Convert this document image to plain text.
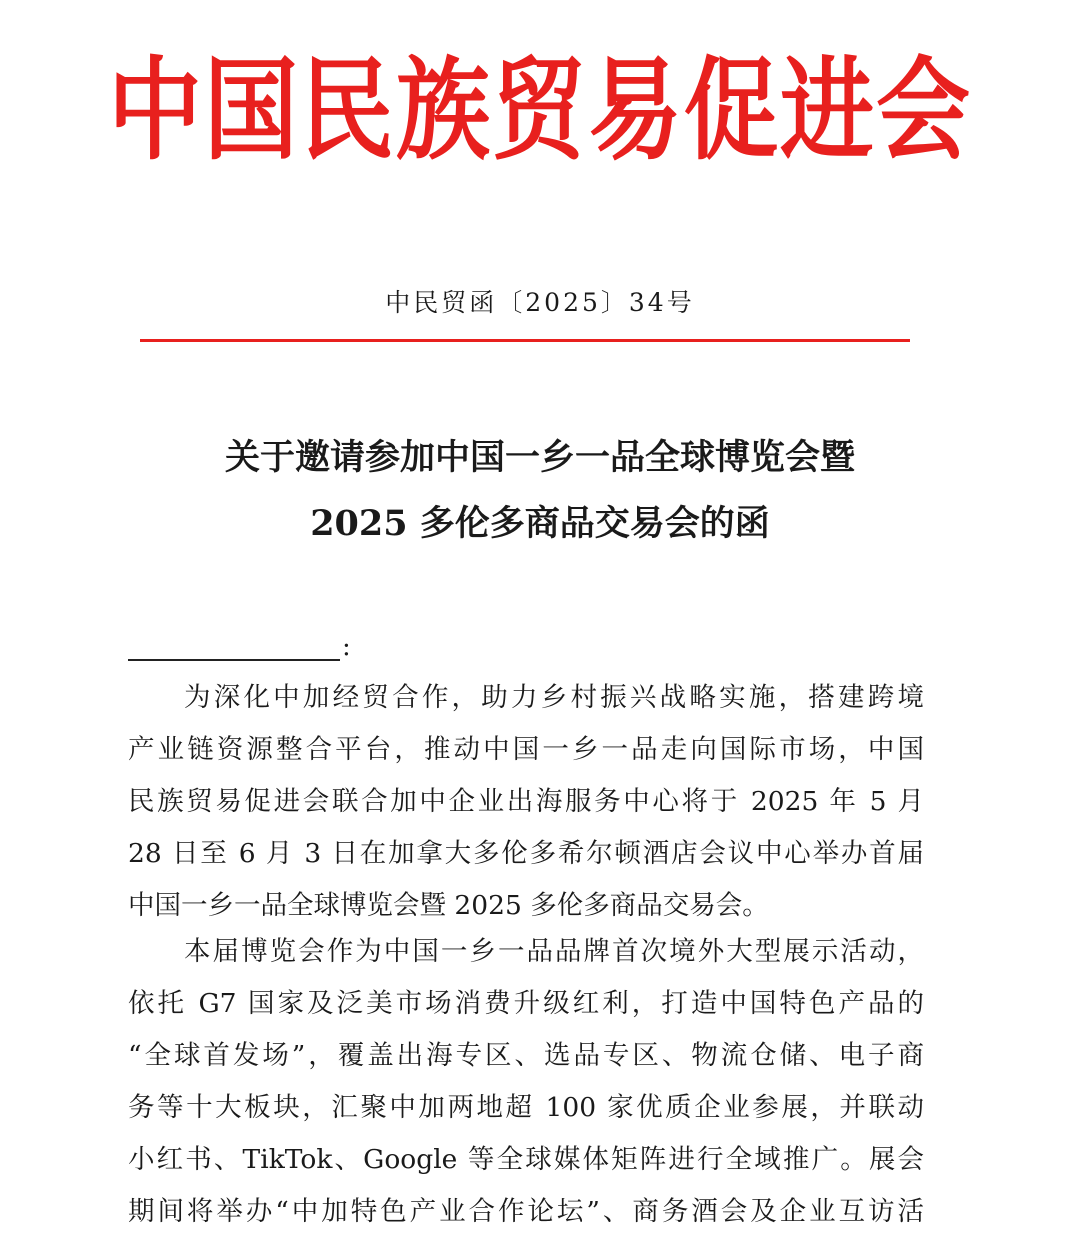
中国民族贸易促进会
中民贸函〔2025〕34号
关于邀请参加中国一乡一品全球博览会暨
2025 多伦多商品交易会的函
:
为深化中加经贸合作，助力乡村振兴战略实施，搭建跨境
产业链资源整合平台，推动中国一乡一品走向国际市场，中国
民族贸易促进会联合加中企业出海服务中心将于 2025 年 5 月
28 日至 6 月 3 日在加拿大多伦多希尔顿酒店会议中心举办首届
中国一乡一品全球博览会暨 2025 多伦多商品交易会。
本届博览会作为中国一乡一品品牌首次境外大型展示活动，
依托 G7 国家及泛美市场消费升级红利，打造中国特色产品的
“全球首发场”，覆盖出海专区、选品专区、物流仓储、电子商
务等十大板块，汇聚中加两地超 100 家优质企业参展，并联动
小红书、TikTok、Google 等全球媒体矩阵进行全域推广。展会
期间将举办“中加特色产业合作论坛”、商务酒会及企业互访活
